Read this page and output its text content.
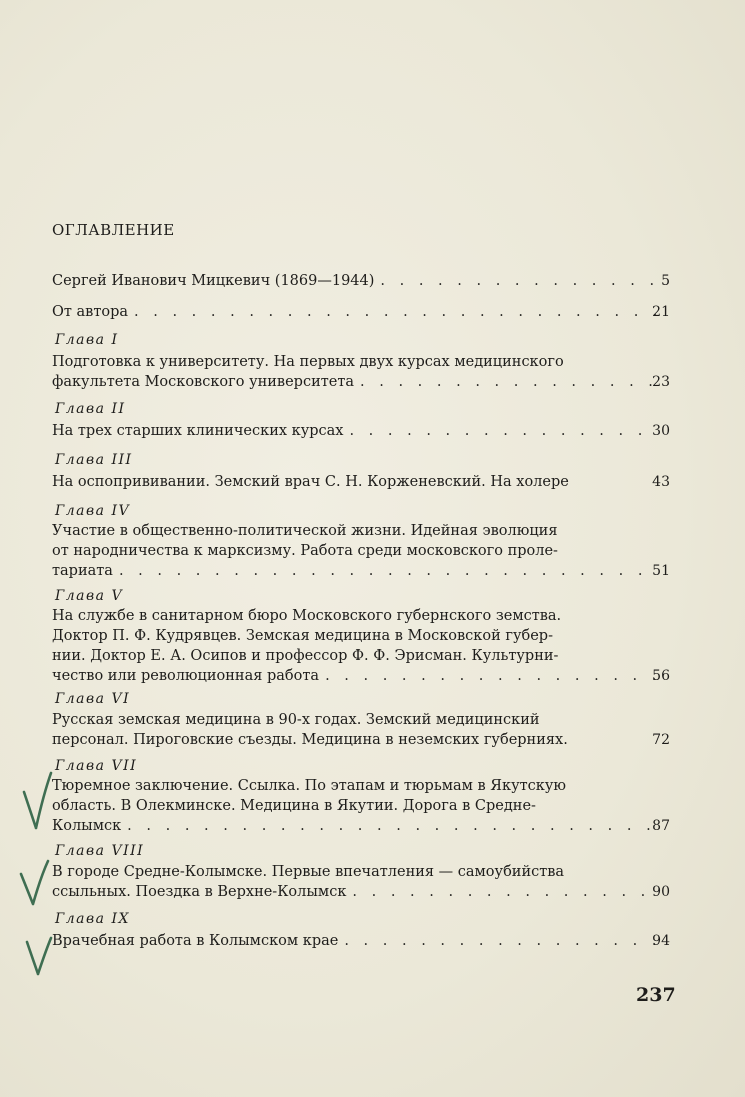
ОГЛАВЛЕНИЕ
Сергей Иванович Мицкевич (1869—1944) . . .	5
От автора . . .	21
Глава I
Подготовка к университету. На первых двух курсах медицинского
факультета Московского университета . . .	23
Глава II
На трех старших клинических курсах . . .	30
Глава III
На оспопрививании. Земский врач С. Н. Корженевский. На холере	43
Глава IV
Участие в общественно-политической жизни. Идейная эволюция
от народничества к марксизму. Работа среди московского проле-
тариата . . .	51
Глава V
На службе в санитарном бюро Московского губернского земства.
Доктор П. Ф. Кудрявцев. Земская медицина в Московской губер-
нии. Доктор Е. А. Осипов и профессор Ф. Ф. Эрисман. Культурни-
чество или революционная работа . . .	56
Глава VI
Русская земская медицина в 90-х годах. Земский медицинский
персонал. Пироговские съезды. Медицина в неземских губерниях.	72
Глава VII
Тюремное заключение. Ссылка. По этапам и тюрьмам в Якутскую
область. В Олекминске. Медицина в Якутии. Дорога в Средне-
Колымск . . .	87
Глава VIII
В городе Средне-Колымске. Первые впечатления — самоубийства
ссыльных. Поездка в Верхне-Колымск . . .	90
Глава IX
Врачебная работа в Колымском крае . . .	94
237
